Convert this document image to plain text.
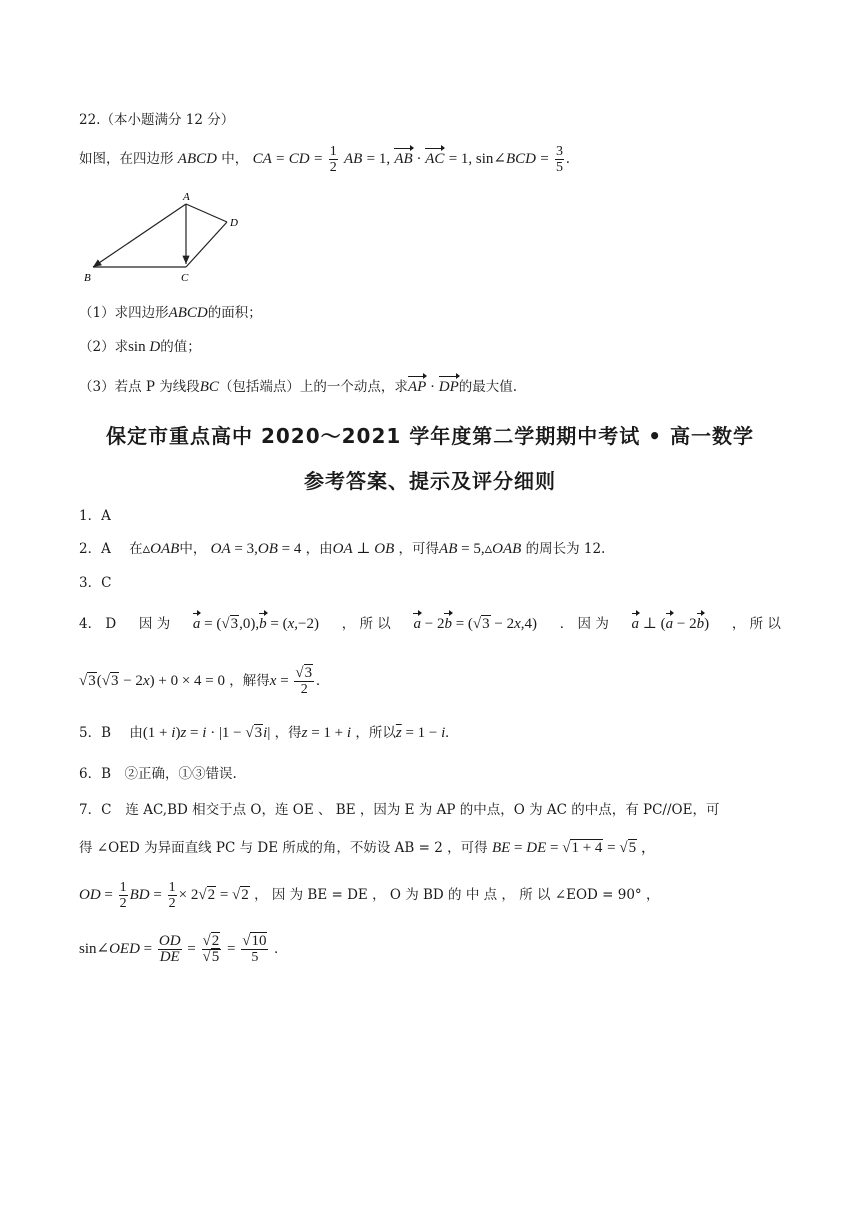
22.（本小题满分 12 分）
如图，在四边形 ABCD 中， CA = CD = $\frac{1}{2}$ AB = 1, AB · AC = 1, sin∠BCD = $\frac{3}{5}$ .
A
B	C
D
（1）求四边形ABCD的面积；
（2）求sin D的值；
（3）若点 P 为线段BC（包括端点）上的一个动点，求AP · DP的最大值.
保定市重点高中 2020～2021 学年度第二学期期中考试 • 高一数学
参考答案、提示及评分细则
1．A
2．A 在▵OAB中， OA = 3,OB = 4 ，由OA ⊥ OB ，可得AB = 5,▵OAB 的周长为 12.
3．C
4． D 因 为 a = (√3,0),b = (x,−2) ， 所 以 a − 2b = (√3 − 2x,4) ． 因 为 a ⊥ (a − 2b) ， 所 以
√3(√3 − 2x) + 0 × 4 = 0 ，解得$x = \frac{√3}{2}$ .
5．B 由(1 + i)z = i · |1 − √3i| ，得z = 1 + i ，所以$\overline{z} = 1 - i$.
6．B　②正确，①③错误.
7．C 连 AC,BD 相交于点 O，连 OE 、 BE ，因为 E 为 AP 的中点，O 为 AC 的中点，有 PC//OE，可
得 ∠OED 为异面直线 PC 与 DE 所成的角，不妨设 AB = 2 ，可得 BE = DE = √1 + 4 = √5 ，
OD = $\frac{1}{2}$ BD = $\frac{1}{2} \times 2√2 = √2$ ， 因 为 BE = DE ， O 为 BD 的 中 点 ， 所 以 ∠EOD = 90° ，
sin∠OED = $\frac{OD}{DE} = \frac{√2}{√5} = \frac{√10}{5}$ .
